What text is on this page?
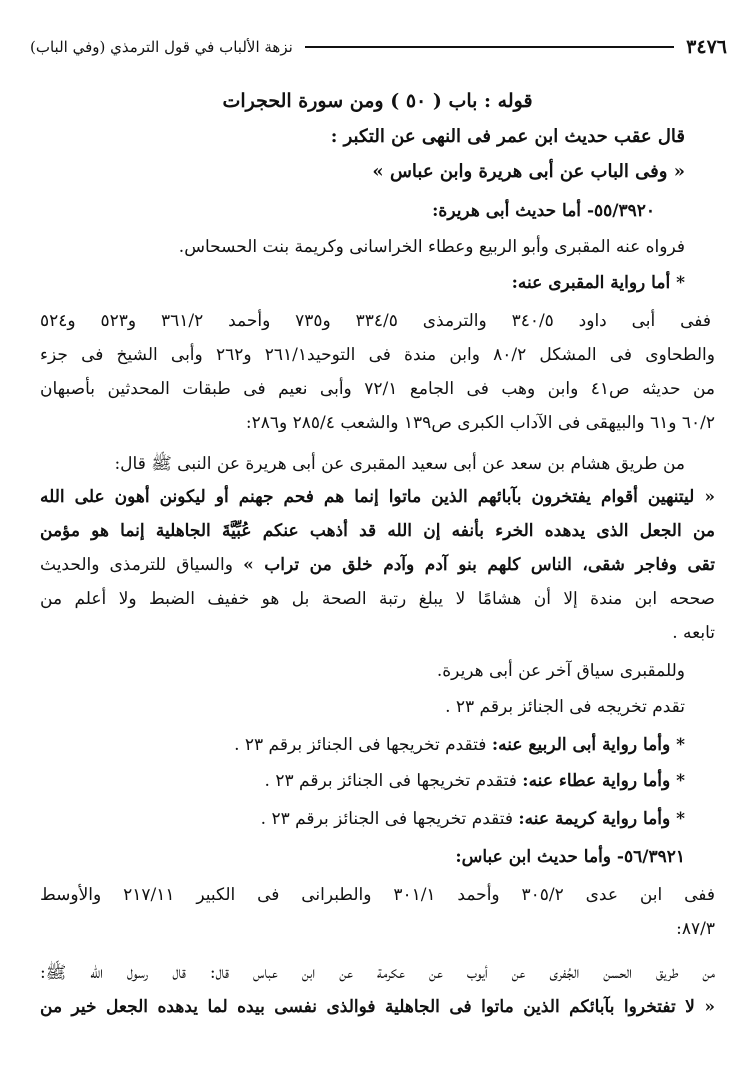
٣٤٧٦
نزهة الألباب في قول الترمذي (وفي الباب)
قوله : باب ( ٥٠ ) ومن سورة الحجرات
قال عقب حديث ابن عمر فى النهى عن التكبر :
« وفى الباب عن أبى هريرة وابن عباس »
٥٥/٣٩٢٠- أما حديث أبى هريرة:
فرواه عنه المقبرى وأبو الربيع وعطاء الخراسانى وكريمة بنت الحسحاس.
* أما رواية المقبرى عنه:
ففى أبى داود ٣٤٠/٥ والترمذى ٣٣٤/٥ و٧٣٥ وأحمد ٣٦١/٢ و٥٢٣ و٥٢٤
والطحاوى فى المشكل ٨٠/٢ وابن مندة فى التوحيد٢٦١/١ و٢٦٢ وأبى الشيخ فى جزء
من حديثه ص٤١ وابن وهب فى الجامع ٧٢/١ وأبى نعيم فى طبقات المحدثين بأصبهان
٦٠/٢ و٦١ والبيهقى فى الآداب الكبرى ص١٣٩ والشعب ٢٨٥/٤ و٢٨٦:
من طريق هشام بن سعد عن أبى سعيد المقبرى عن أبى هريرة عن النبى ﷺ قال:
« ليتنهين أقوام يفتخرون بآبائهم الذين ماتوا إنما هم فحم جهنم أو ليكونن أهون على الله
من الجعل الذى يدهده الخرء بأنفه إن الله قد أذهب عنكم عُبِّيَّةَ الجاهلية إنما هو مؤمن
تقى وفاجر شقى، الناس كلهم بنو آدم وآدم خلق من تراب » والسياق للترمذى والحديث
صححه ابن مندة إلا أن هشامًا لا يبلغ رتبة الصحة بل هو خفيف الضبط ولا أعلم من
تابعه .
وللمقبرى سياق آخر عن أبى هريرة.
تقدم تخريجه فى الجنائز برقم ٢٣ .
* وأما رواية أبى الربيع عنه: فتقدم تخريجها فى الجنائز برقم ٢٣ .
* وأما رواية عطاء عنه: فتقدم تخريجها فى الجنائز برقم ٢٣ .
* وأما رواية كريمة عنه: فتقدم تخريجها فى الجنائز برقم ٢٣ .
٥٦/٣٩٢١- وأما حديث ابن عباس:
ففى ابن عدى ٣٠٥/٢ وأحمد ٣٠١/١ والطبرانى فى الكبير ٢١٧/١١ والأوسط
٨٧/٣:
من طريق الحسن الجُفرى عن أيوب عن عكرمة عن ابن عباس قال: قال رسول الله ﷺ:
« لا تفتخروا بآبائكم الذين ماتوا فى الجاهلية فوالذى نفسى بيده لما يدهده الجعل خير من
